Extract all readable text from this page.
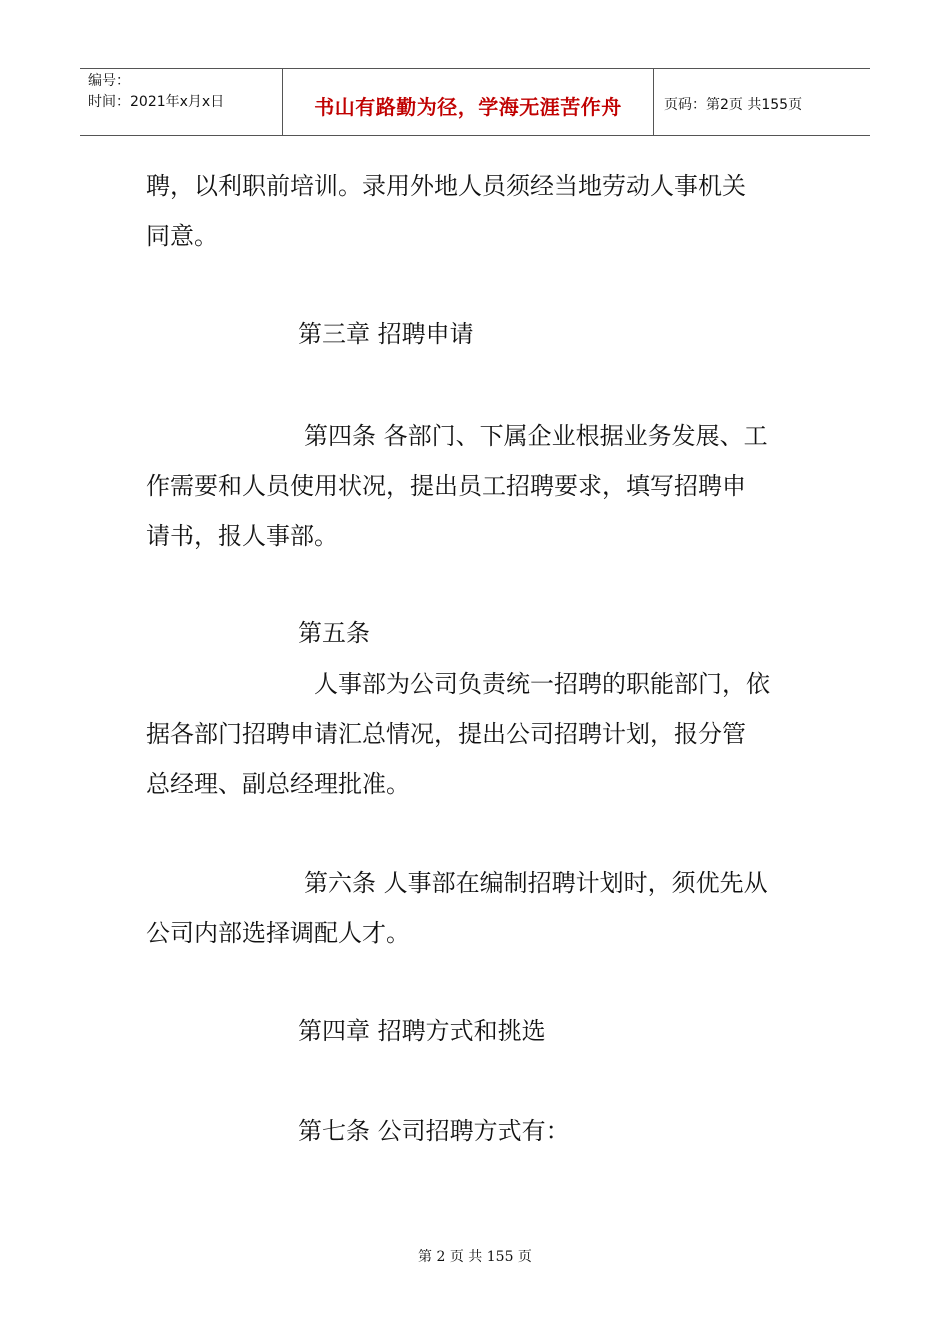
编号：
时间：2021年x月x日	书山有路勤为径，学海无涯苦作舟	页码：第2页 共155页
聘，以利职前培训。录用外地人员须经当地劳动人事机关
同意。
第三章 招聘申请
第四条 各部门、下属企业根据业务发展、工
作需要和人员使用状况，提出员工招聘要求，填写招聘申
请书，报人事部。
第五条
人事部为公司负责统一招聘的职能部门，依
据各部门招聘申请汇总情况，提出公司招聘计划，报分管
总经理、副总经理批准。
第六条 人事部在编制招聘计划时，须优先从
公司内部选择调配人才。
第四章 招聘方式和挑选
第七条 公司招聘方式有：
第 2 页 共 155 页
